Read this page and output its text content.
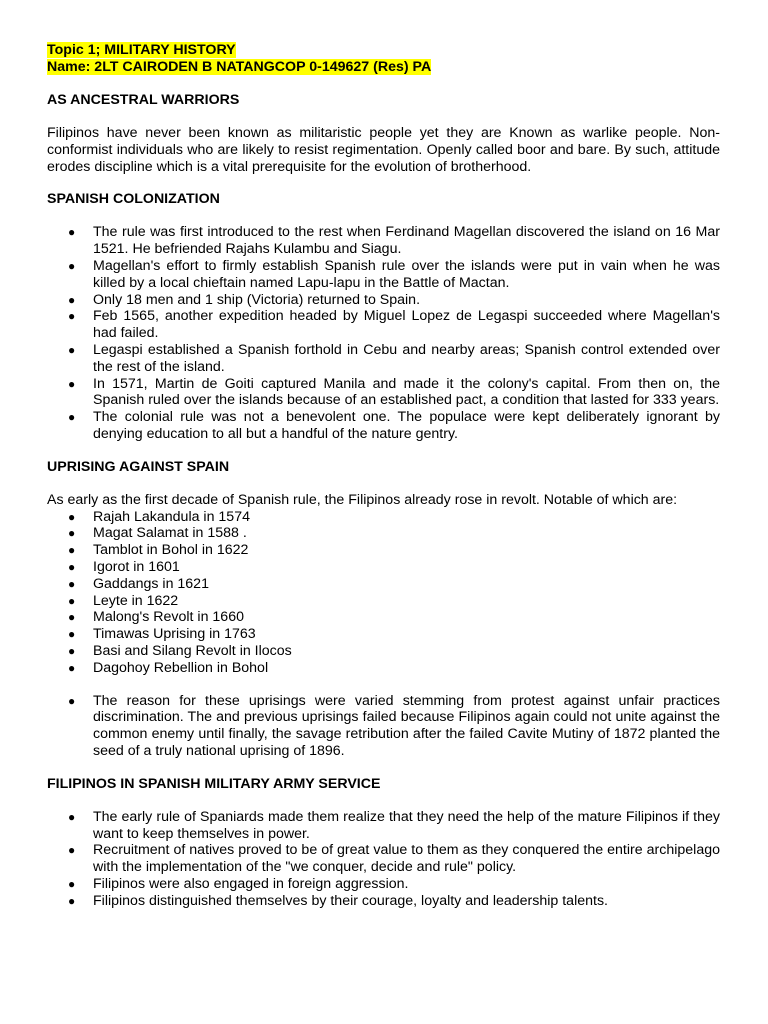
Topic 1; MILITARY HISTORY
Name: 2LT CAIRODEN B NATANGCOP 0-149627 (Res) PA
AS ANCESTRAL WARRIORS

Filipinos have never been known as militaristic people yet they are Known as warlike people. Non-conformist individuals who are likely to resist regimentation. Openly called boor and bare. By such, attitude erodes discipline which is a vital prerequisite for the evolution of brotherhood.

SPANISH COLONIZATION
● The rule was first introduced to the rest when Ferdinand Magellan discovered the island on 16 Mar 1521. He befriended Rajahs Kulambu and Siagu.
● Magellan's effort to firmly establish Spanish rule over the islands were put in vain when he was killed by a local chieftain named Lapu-lapu in the Battle of Mactan.
● Only 18 men and 1 ship (Victoria) returned to Spain.
● Feb 1565, another expedition headed by Miguel Lopez de Legaspi succeeded where Magellan's had failed.
● Legaspi established a Spanish forthold in Cebu and nearby areas; Spanish control extended over the rest of the island.
● In 1571, Martin de Goiti captured Manila and made it the colony's capital. From then on, the Spanish ruled over the islands because of an established pact, a condition that lasted for 333 years.
● The colonial rule was not a benevolent one. The populace were kept deliberately ignorant by denying education to all but a handful of the nature gentry.
UPRISING AGAINST SPAIN

As early as the first decade of Spanish rule, the Filipinos already rose in revolt. Notable of which are:

● Rajah Lakandula in 1574
● Magat Salamat in 1588 .
● Tamblot in Bohol in 1622
● Igorot in 1601
● Gaddangs in 1621
● Leyte in 1622
● Malong's Revolt in 1660
● Timawas Uprising in 1763
● Basi and Silang Revolt in Ilocos
● Dagohoy Rebellion in Bohol
● The reason for these uprisings were varied stemming from protest against unfair practices discrimination. The and previous uprisings failed because Filipinos again could not unite against the common enemy until finally, the savage retribution after the failed Cavite Mutiny of 1872 planted the seed of a truly national uprising of 1896.
FILIPINOS IN SPANISH MILITARY ARMY SERVICE
● The early rule of Spaniards made them realize that they need the help of the mature Filipinos if they want to keep themselves in power.
● Recruitment of natives proved to be of great value to them as they conquered the entire archipelago with the implementation of the "we conquer, decide and rule" policy.
● Filipinos were also engaged in foreign aggression.
● Filipinos distinguished themselves by their courage, loyalty and leadership talents.
